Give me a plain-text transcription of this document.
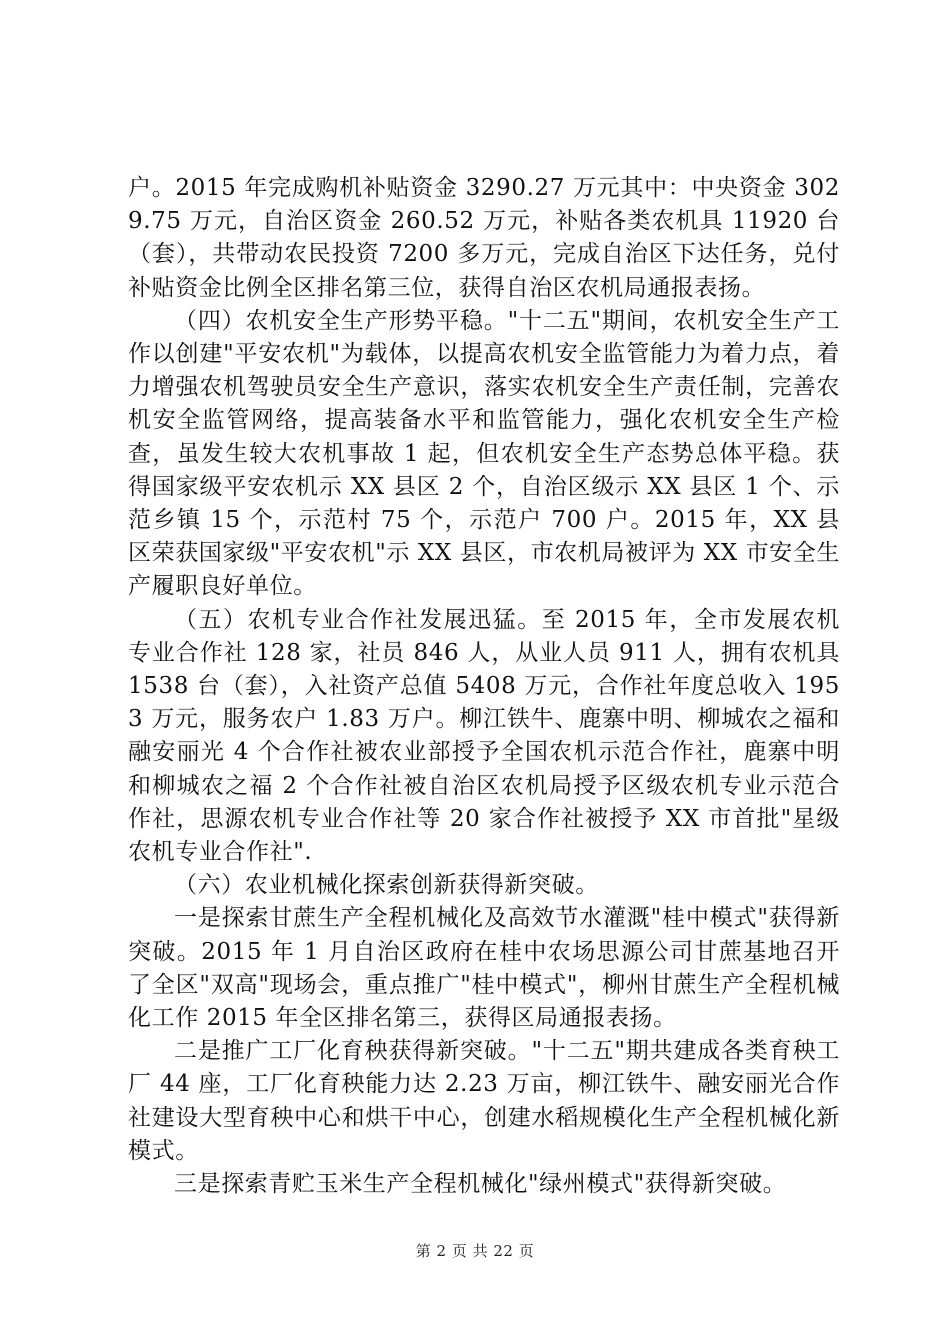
户。2015 年完成购机补贴资金 3290.27 万元其中：中央资金 3029.75 万元，自治区资金 260.52 万元，补贴各类农机具 11920 台（套），共带动农民投资 7200 多万元，完成自治区下达任务，兑付补贴资金比例全区排名第三位，获得自治区农机局通报表扬。

（四）农机安全生产形势平稳。"十二五"期间，农机安全生产工作以创建"平安农机"为载体，以提高农机安全监管能力为着力点，着力增强农机驾驶员安全生产意识，落实农机安全生产责任制，完善农机安全监管网络，提高装备水平和监管能力，强化农机安全生产检查，虽发生较大农机事故 1 起，但农机安全生产态势总体平稳。获得国家级平安农机示 XX 县区 2 个，自治区级示 XX 县区 1 个、示范乡镇 15 个，示范村 75 个，示范户 700 户。2015 年，XX 县区荣获国家级"平安农机"示 XX 县区，市农机局被评为 XX 市安全生产履职良好单位。

（五）农机专业合作社发展迅猛。至 2015 年，全市发展农机专业合作社 128 家，社员 846 人，从业人员 911 人，拥有农机具 1538 台（套），入社资产总值 5408 万元，合作社年度总收入 1953 万元，服务农户 1.83 万户。柳江铁牛、鹿寨中明、柳城农之福和融安丽光 4 个合作社被农业部授予全国农机示范合作社，鹿寨中明和柳城农之福 2 个合作社被自治区农机局授予区级农机专业示范合作社，思源农机专业合作社等 20 家合作社被授予 XX 市首批"星级农机专业合作社".

（六）农业机械化探索创新获得新突破。

一是探索甘蔗生产全程机械化及高效节水灌溉"桂中模式"获得新突破。2015 年 1 月自治区政府在桂中农场思源公司甘蔗基地召开了全区"双高"现场会，重点推广"桂中模式"，柳州甘蔗生产全程机械化工作 2015 年全区排名第三，获得区局通报表扬。

二是推广工厂化育秧获得新突破。"十二五"期共建成各类育秧工厂 44 座，工厂化育秧能力达 2.23 万亩，柳江铁牛、融安丽光合作社建设大型育秧中心和烘干中心，创建水稻规模化生产全程机械化新模式。

三是探索青贮玉米生产全程机械化"绿州模式"获得新突破。

第 2 页 共 22 页
